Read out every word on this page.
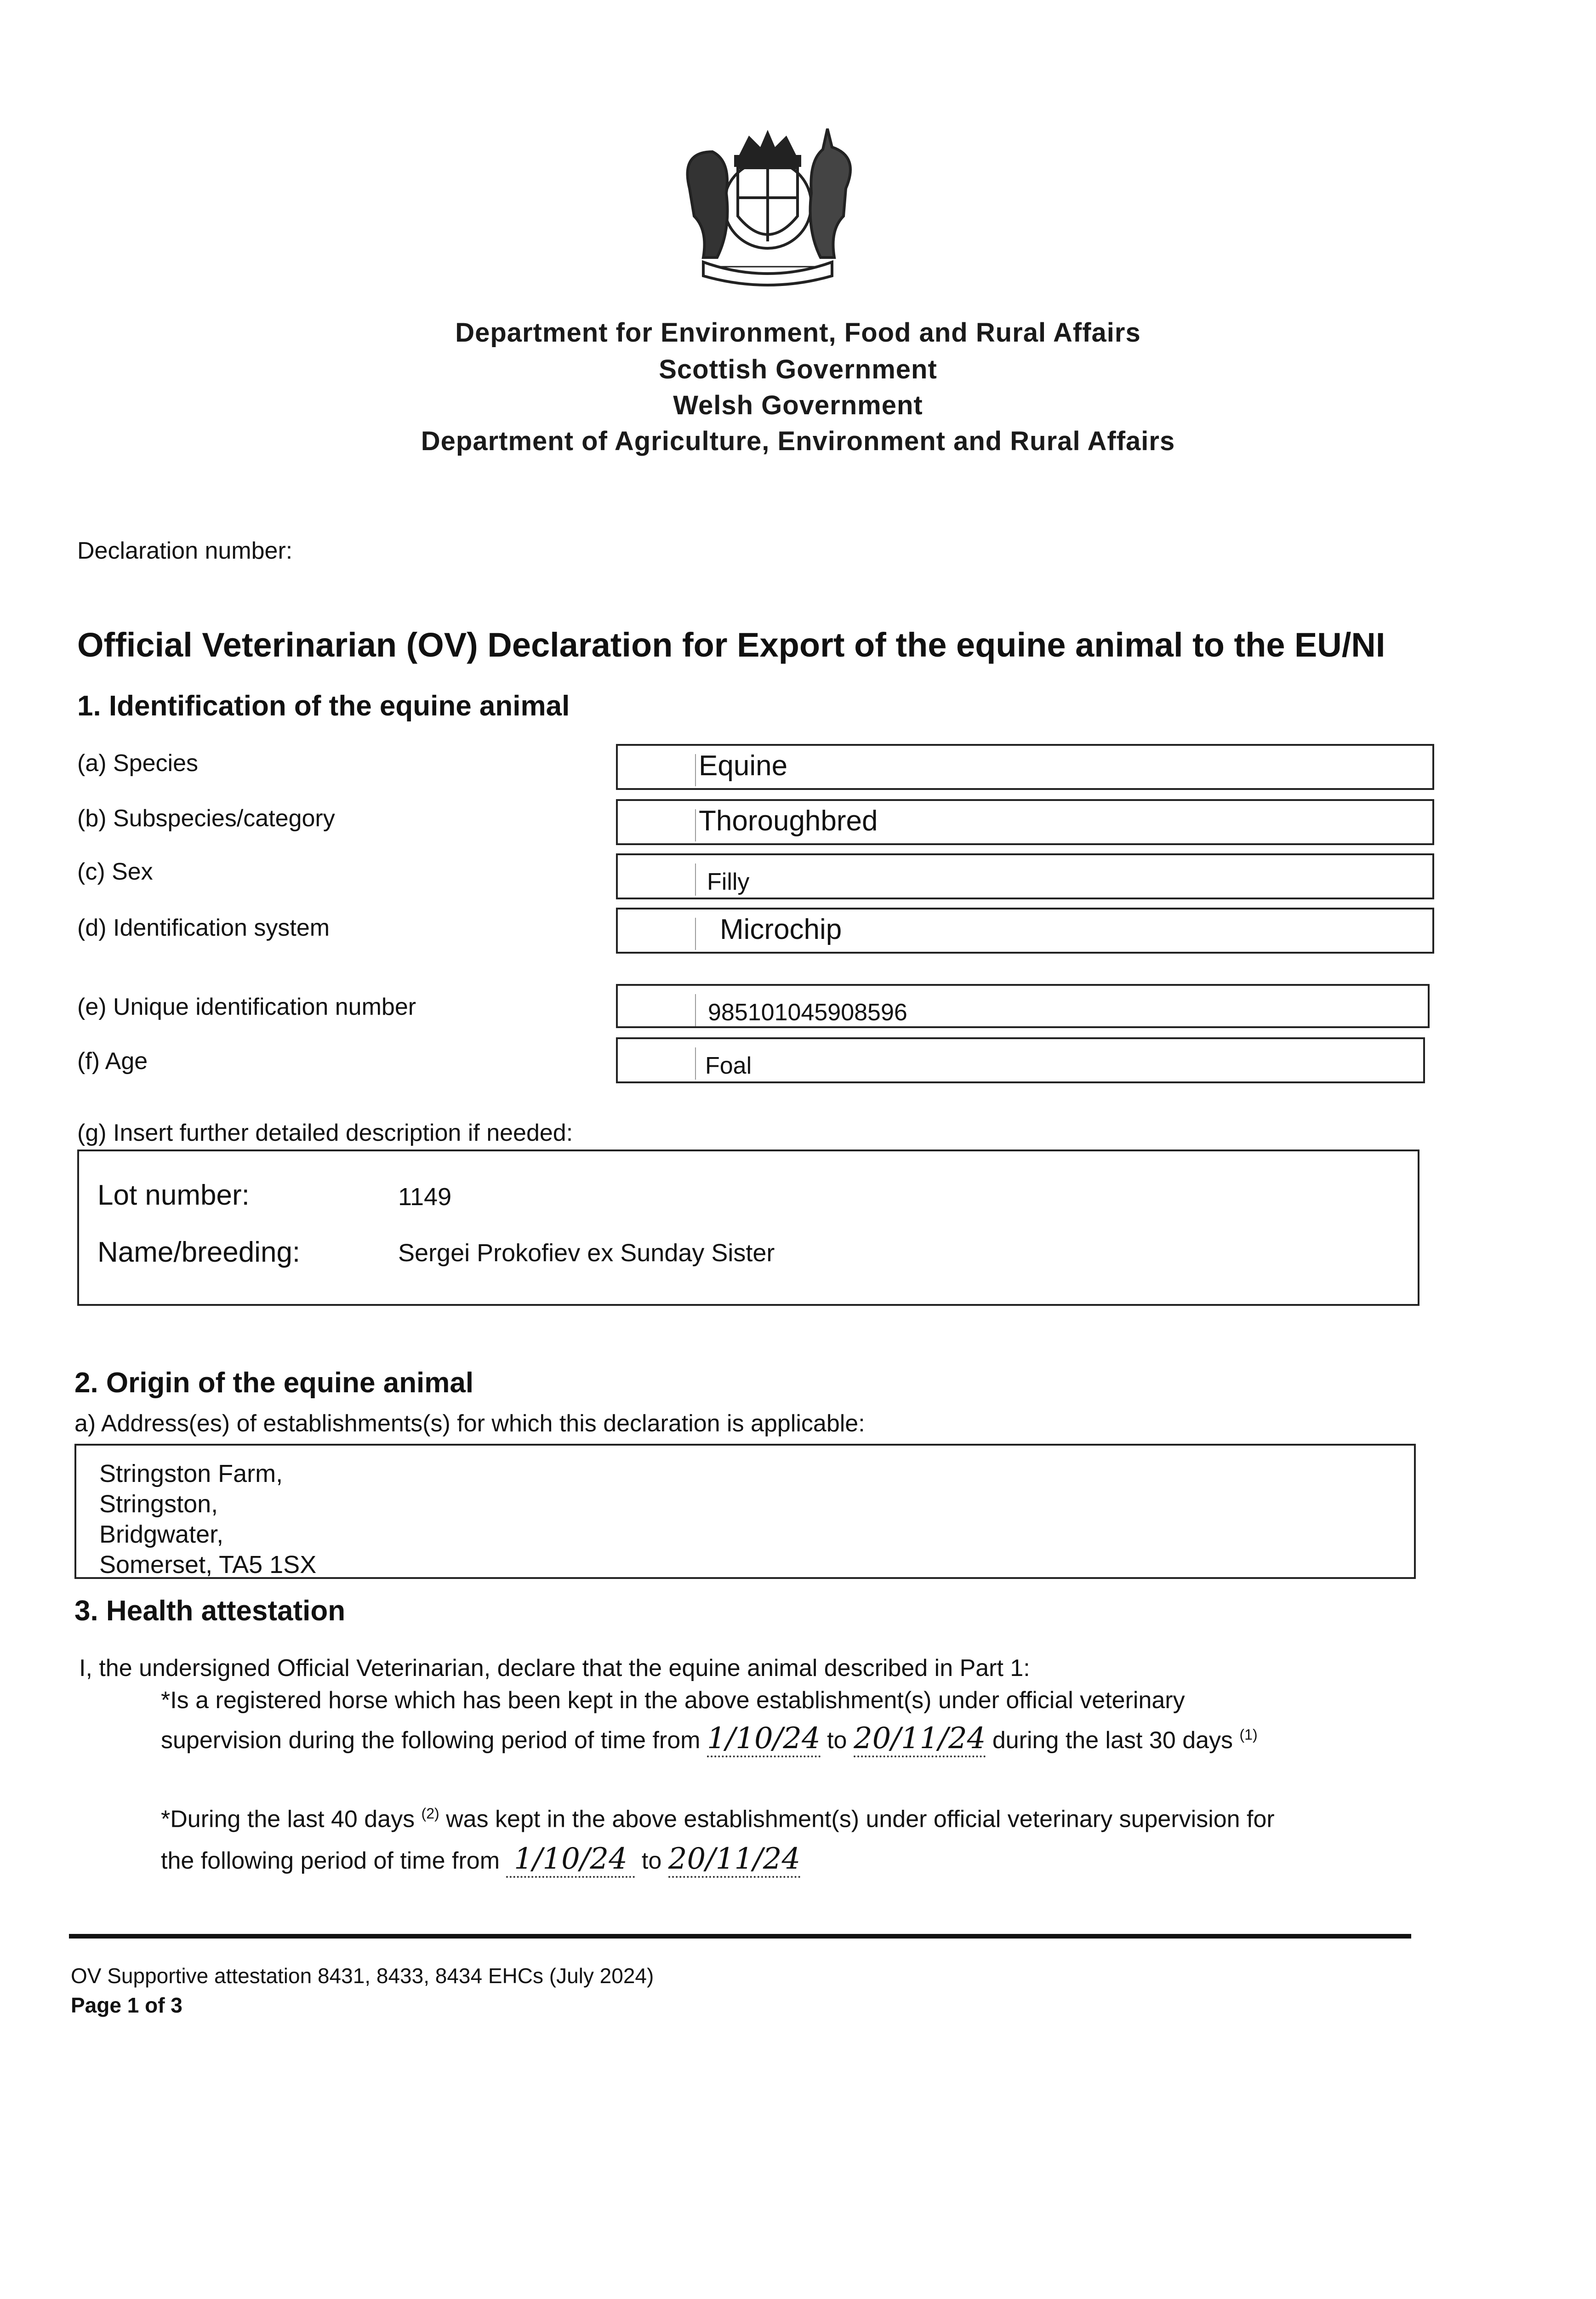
Department for Environment, Food and Rural Affairs
Scottish Government
Welsh Government
Department of Agriculture, Environment and Rural Affairs
Declaration number:
Official Veterinarian (OV) Declaration for Export of the equine animal to the EU/NI
1. Identification of the equine animal
(a) Species	Equine
(b) Subspecies/category	Thoroughbred
(c) Sex	Filly
(d) Identification system	Microchip
(e) Unique identification number	985101045908596
(f) Age	Foal
(g) Insert further detailed description if needed:
Lot number:	1149
Name/breeding:	Sergei Prokofiev ex Sunday Sister
2. Origin of the equine animal
a) Address(es) of establishments(s) for which this declaration is applicable:
Stringston Farm,
Stringston,
Bridgwater,
Somerset, TA5 1SX
3. Health attestation
I, the undersigned Official Veterinarian, declare that the equine animal described in Part 1:
*Is a registered horse which has been kept in the above establishment(s) under official veterinary
supervision during the following period of time from 1/10/24 to 20/11/24 during the last 30 days $^{(1)}$
*During the last 40 days $^{(2)}$ was kept in the above establishment(s) under official veterinary supervision for
the following period of time from 1/10/24 to 20/11/24
OV Supportive attestation 8431, 8433, 8434 EHCs (July 2024)
Page 1 of 3
